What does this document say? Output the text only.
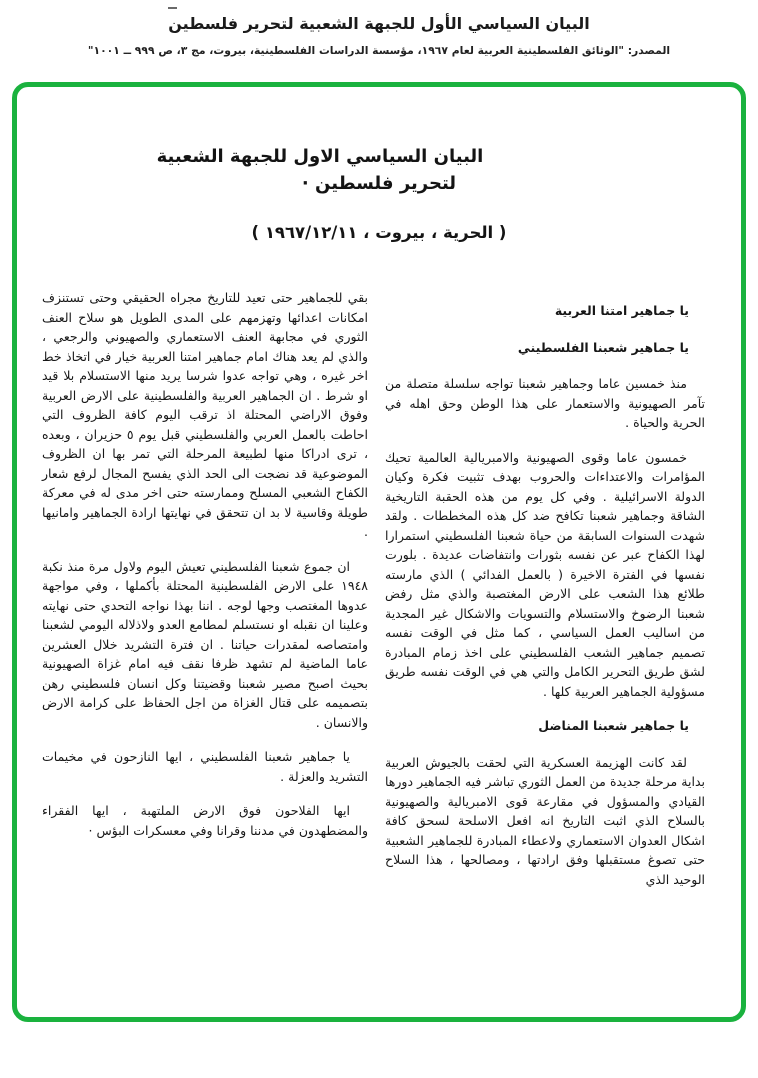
البيان السياسي الأول للجبهة الشعبية لتحرير فلسطين
المصدر: "الوثائق الفلسطينية العربية لعام ١٩٦٧، مؤسسة الدراسات الفلسطينية، بيروت، مج ٣، ص ٩٩٩ ــ ١٠٠١"
البيان السياسي الاول للجبهة الشعبية
لتحرير فلسطين ·
( الحرية ، بيروت ، ١٩٦٧/١٢/١١ )

يا جماهير امتنا العربية

يا جماهير شعبنا الفلسطيني

منذ خمسين عاما وجماهير شعبنا تواجه سلسلة متصلة من تآمر الصهيونية والاستعمار على هذا الوطن وحق اهله في الحرية والحياة .

خمسون عاما وقوى الصهيونية والامبريالية العالمية تحيك المؤامرات والاعتداءات والحروب بهدف تثبيت فكرة وكيان الدولة الاسرائيلية . وفي كل يوم من هذه الحقبة التاريخية الشاقة وجماهير شعبنا تكافح ضد كل هذه المخططات . ولقد شهدت السنوات السابقة من حياة شعبنا الفلسطيني استمرارا لهذا الكفاح عبر عن نفسه بثورات وانتفاضات عديدة . بلورت نفسها في الفترة الاخيرة ( بالعمل الفدائي ) الذي مارسته طلائع هذا الشعب على الارض المغتصبة والذي مثل رفض شعبنا الرضوخ والاستسلام والتسويات والاشكال غير المجدية من اساليب العمل السياسي ، كما مثل في الوقت نفسه تصميم جماهير الشعب الفلسطيني على اخذ زمام المبادرة لشق طريق التحرير الكامل والتي هي في الوقت نفسه طريق مسؤولية الجماهير العربية كلها .

يا جماهير شعبنا المناضل

لقد كانت الهزيمة العسكرية التي لحقت بالجيوش العربية بداية مرحلة جديدة من العمل الثوري تباشر فيه الجماهير دورها القيادي والمسؤول في مقارعة قوى الامبريالية والصهيونية بالسلاح الذي اثبت التاريخ انه افعل الاسلحة لسحق كافة اشكال العدوان الاستعماري ولاعطاء المبادرة للجماهير الشعبية حتى تصوغ مستقبلها وفق ارادتها ، ومصالحها ، هذا السلاح الوحيد الذي

بقي للجماهير حتى تعيد للتاريخ مجراه الحقيقي وحتى تستنزف امكانات اعدائها وتهزمهم على المدى الطويل هو سلاح العنف الثوري في مجابهة العنف الاستعماري والصهيوني والرجعي ، والذي لم يعد هناك امام جماهير امتنا العربية خيار في اتخاذ خط اخر غيره ، وهي تواجه عدوا شرسا يريد منها الاستسلام بلا قيد او شرط . ان الجماهير العربية والفلسطينية على الارض العربية وفوق الاراضي المحتلة اذ ترقب اليوم كافة الظروف التي احاطت بالعمل العربي والفلسطيني قبل يوم ٥ حزيران ، وبعده ، ترى ادراكا منها لطبيعة المرحلة التي تمر بها ان الظروف الموضوعية قد نضجت الى الحد الذي يفسح المجال لرفع شعار الكفاح الشعبي المسلح وممارسته حتى اخر مدى له في معركة طويلة وقاسية لا بد ان تتحقق في نهايتها ارادة الجماهير وامانيها .

ان جموع شعبنا الفلسطيني تعيش اليوم ولاول مرة منذ نكبة ١٩٤٨ على الارض الفلسطينية المحتلة بأكملها ، وفي مواجهة عدوها المغتصب وجها لوجه . اننا بهذا نواجه التحدي حتى نهايته وعلينا ان نقبله او نستسلم لمطامع العدو ولاذلاله اليومي لشعبنا وامتصاصه لمقدرات حياتنا . ان فترة التشريد خلال العشرين عاما الماضية لم تشهد ظرفا نقف فيه امام غزاة الصهيونية بحيث اصبح مصير شعبنا وقضيتنا وكل انسان فلسطيني رهن بتصميمه على قتال الغزاة من اجل الحفاظ على كرامة الارض والانسان .

يا جماهير شعبنا الفلسطيني ، ايها النازحون في مخيمات التشريد والعزلة .

ايها الفلاحون فوق الارض الملتهبة ، ايها الفقراء والمضطهدون في مدننا وقرانا وفي معسكرات البؤس ·
